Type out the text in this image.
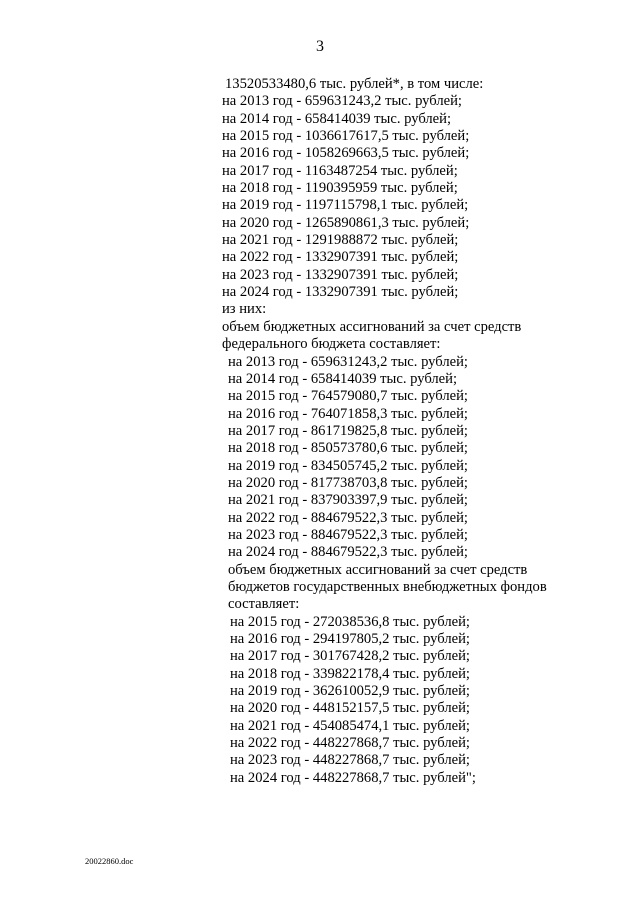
3
13520533480,6 тыс. рублей*, в том числе:
на 2013 год - 659631243,2 тыс. рублей;
на 2014 год - 658414039 тыс. рублей;
на 2015 год - 1036617617,5 тыс. рублей;
на 2016 год - 1058269663,5 тыс. рублей;
на 2017 год - 1163487254 тыс. рублей;
на 2018 год - 1190395959 тыс. рублей;
на 2019 год - 1197115798,1 тыс. рублей;
на 2020 год - 1265890861,3 тыс. рублей;
на 2021 год - 1291988872 тыс. рублей;
на 2022 год - 1332907391 тыс. рублей;
на 2023 год - 1332907391 тыс. рублей;
на 2024 год - 1332907391 тыс. рублей;
из них:
объем бюджетных ассигнований за счет средств
федерального бюджета составляет:
на 2013 год - 659631243,2 тыс. рублей;
на 2014 год - 658414039 тыс. рублей;
на 2015 год - 764579080,7 тыс. рублей;
на 2016 год - 764071858,3 тыс. рублей;
на 2017 год - 861719825,8 тыс. рублей;
на 2018 год - 850573780,6 тыс. рублей;
на 2019 год - 834505745,2 тыс. рублей;
на 2020 год - 817738703,8 тыс. рублей;
на 2021 год - 837903397,9 тыс. рублей;
на 2022 год - 884679522,3 тыс. рублей;
на 2023 год - 884679522,3 тыс. рублей;
на 2024 год - 884679522,3 тыс. рублей;
объем бюджетных ассигнований за счет средств
бюджетов государственных внебюджетных фондов
составляет:
на 2015 год - 272038536,8 тыс. рублей;
на 2016 год - 294197805,2 тыс. рублей;
на 2017 год - 301767428,2 тыс. рублей;
на 2018 год - 339822178,4 тыс. рублей;
на 2019 год - 362610052,9 тыс. рублей;
на 2020 год - 448152157,5 тыс. рублей;
на 2021 год - 454085474,1 тыс. рублей;
на 2022 год - 448227868,7 тыс. рублей;
на 2023 год - 448227868,7 тыс. рублей;
на 2024 год - 448227868,7 тыс. рублей";
20022860.doc
